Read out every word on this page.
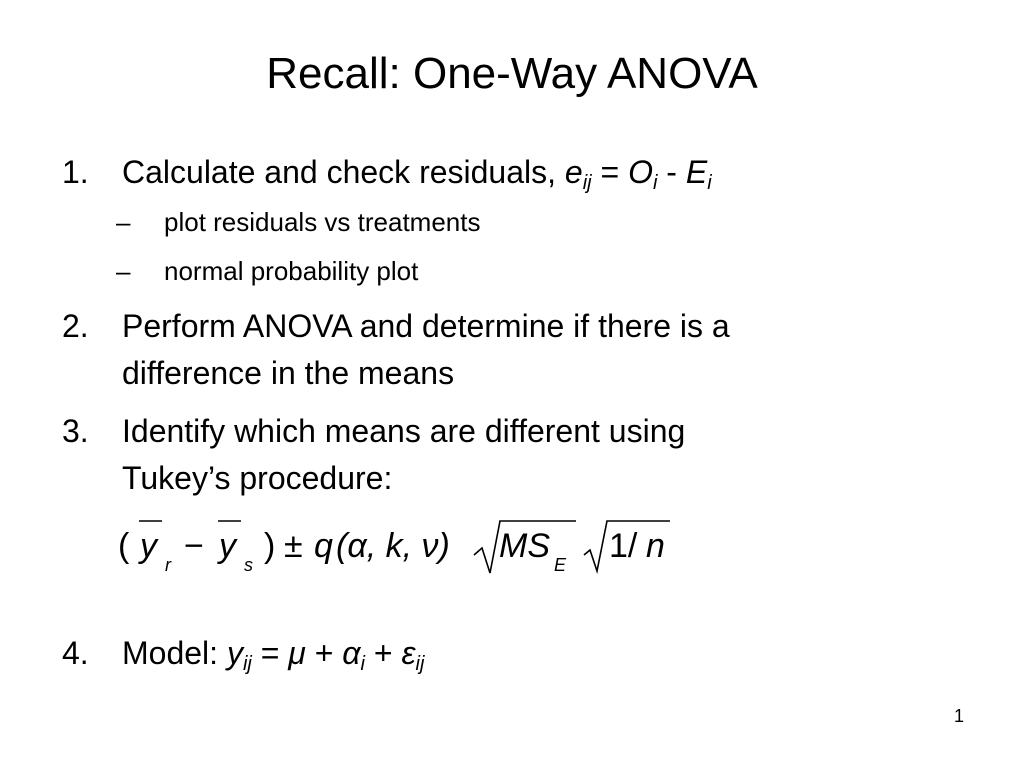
Recall: One-Way ANOVA
1.	Calculate and check residuals, eij = Oi - Ei
– plot residuals vs treatments
– normal probability plot
2.	Perform ANOVA and determine if there is a
difference in the means
3.	Identify which means are different using
Tukey’s procedure:
( y r − y s ) ± q (α, k, ν) MS E 1/ n
4.	Model: yij = μ + αi + εij
1
